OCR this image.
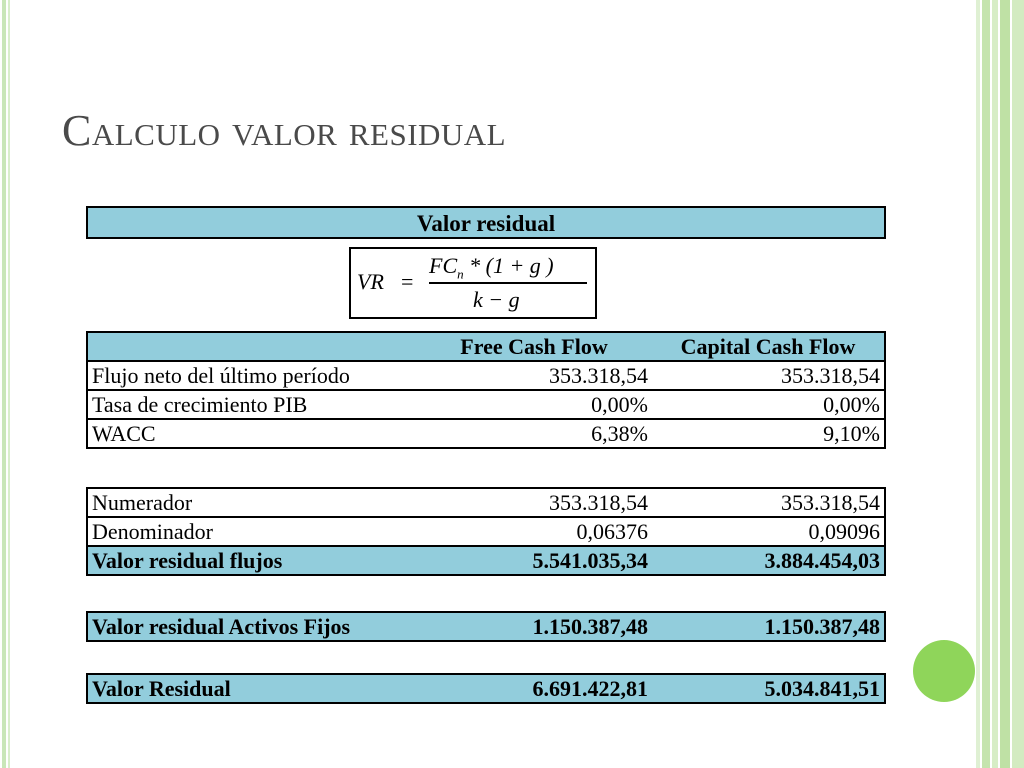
Calculo valor residual
Valor residual
VR =
$FC_n * (1 + g$ )
k − g
	Free Cash Flow	Capital Cash Flow
Flujo neto del último período	353.318,54	353.318,54
Tasa de crecimiento PIB	0,00%	0,00%
WACC	6,38%	9,10%
Numerador	353.318,54	353.318,54
Denominador	0,06376	0,09096
Valor residual flujos	5.541.035,34	3.884.454,03
Valor residual Activos Fijos	1.150.387,48	1.150.387,48
Valor Residual	6.691.422,81	5.034.841,51
